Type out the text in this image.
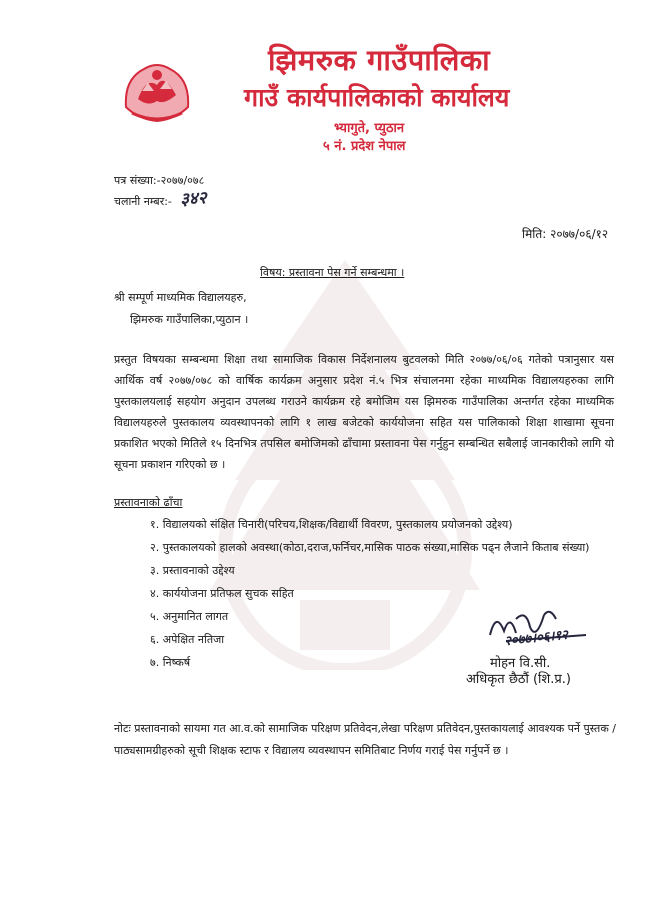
झिमरुक गाउँपालिका
गाउँ कार्यपालिकाको कार्यालय
भ्यागुते, प्युठान
५ नं. प्रदेश नेपाल
पत्र संख्या:-२०७७/०७८
चलानी नम्बर:- ३४२
मिति: २०७७/०६/१२
विषय: प्रस्तावना पेस गर्ने सम्बन्धमा ।
श्री सम्पूर्ण माध्यमिक विद्यालयहरु,
झिमरुक गाउँपालिका,प्युठान ।
प्रस्तुत विषयका सम्बन्धमा शिक्षा तथा सामाजिक विकास निर्देशनालय बुटवलको मिति २०७७/०६/०६ गतेको पत्रानुसार यस आर्थिक वर्ष २०७७/०७८ को वार्षिक कार्यक्रम अनुसार प्रदेश नं.५ भित्र संचालनमा रहेका माध्यमिक विद्यालयहरुका लागि पुस्तकालयलाई सहयोग अनुदान उपलब्ध गराउने कार्यक्रम रहे बमोजिम यस झिमरुक गाउँपालिका अन्तर्गत रहेका माध्यमिक विद्यालयहरुले पुस्तकालय व्यवस्थापनको लागि १ लाख बजेटको कार्ययोजना सहित यस पालिकाको शिक्षा शाखामा सूचना प्रकाशित भएको मितिले १५ दिनभित्र तपसिल बमोजिमको ढाँचामा प्रस्तावना पेस गर्नुहुन सम्बन्धित सबैलाई जानकारीको लागि यो सूचना प्रकाशन गरिएको छ ।
प्रस्तावनाको ढाँचा
१. विद्यालयको संक्षित चिनारी(परिचय,शिक्षक/विद्यार्थी विवरण, पुस्तकालय प्रयोजनको उद्देश्य)
२. पुस्तकालयको हालको अवस्था(कोठा,दराज,फर्निचर,मासिक पाठक संख्या,मासिक पढ्न लैजाने किताब संख्या)
३. प्रस्तावनाको उद्देश्य
४. कार्ययोजना प्रतिफल सुचक सहित
५. अनुमानित लागत
६. अपेक्षित नतिजा
७. निष्कर्ष
२०७७।०६।१२
मोहन वि.सी.
अधिकृत छैठौं (शि.प्र.)
नोटः प्रस्तावनाको सायमा गत आ.व.को सामाजिक परिक्षण प्रतिवेदन,लेखा परिक्षण प्रतिवेदन,पुस्तकायलाई आवश्यक पर्ने पुस्तक /पाठ्यसामग्रीहरुको सूची शिक्षक स्टाफ र विद्यालय व्यवस्थापन समितिबाट निर्णय गराई पेस गर्नुपर्ने छ ।
